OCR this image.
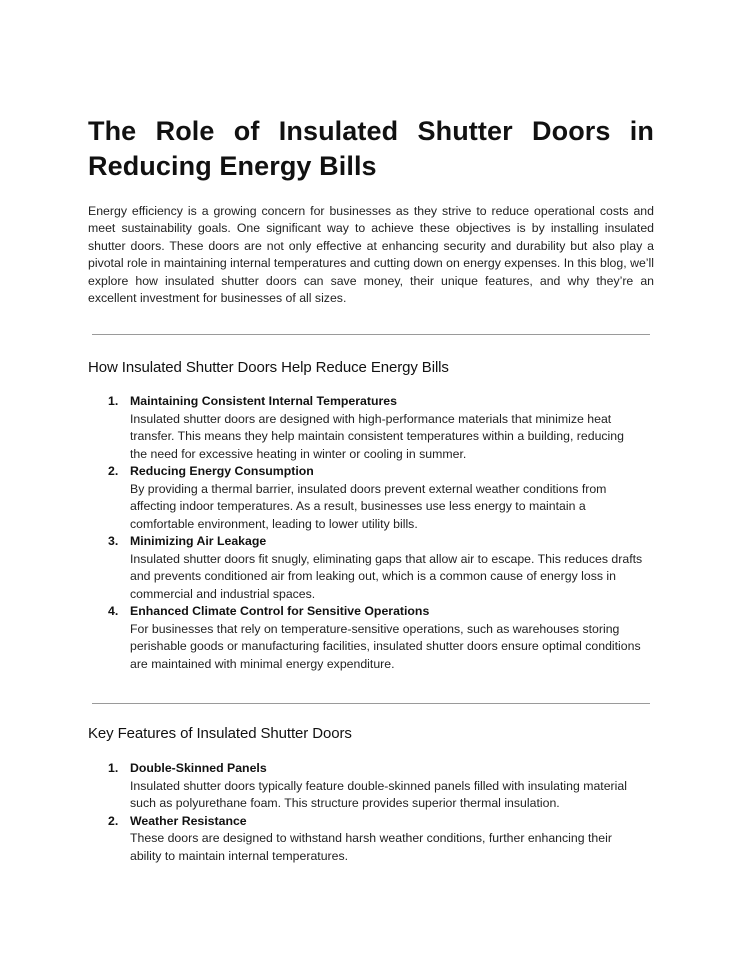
The Role of Insulated Shutter Doors in Reducing Energy Bills

Energy efficiency is a growing concern for businesses as they strive to reduce operational costs and meet sustainability goals. One significant way to achieve these objectives is by installing insulated shutter doors. These doors are not only effective at enhancing security and durability but also play a pivotal role in maintaining internal temperatures and cutting down on energy expenses. In this blog, we’ll explore how insulated shutter doors can save money, their unique features, and why they’re an excellent investment for businesses of all sizes.

How Insulated Shutter Doors Help Reduce Energy Bills
1. Maintaining Consistent Internal Temperatures
Insulated shutter doors are designed with high-performance materials that minimize heat transfer. This means they help maintain consistent temperatures within a building, reducing the need for excessive heating in winter or cooling in summer.
2. Reducing Energy Consumption
By providing a thermal barrier, insulated doors prevent external weather conditions from affecting indoor temperatures. As a result, businesses use less energy to maintain a comfortable environment, leading to lower utility bills.
3. Minimizing Air Leakage
Insulated shutter doors fit snugly, eliminating gaps that allow air to escape. This reduces drafts and prevents conditioned air from leaking out, which is a common cause of energy loss in commercial and industrial spaces.
4. Enhanced Climate Control for Sensitive Operations
For businesses that rely on temperature-sensitive operations, such as warehouses storing perishable goods or manufacturing facilities, insulated shutter doors ensure optimal conditions are maintained with minimal energy expenditure.
Key Features of Insulated Shutter Doors
1. Double-Skinned Panels
Insulated shutter doors typically feature double-skinned panels filled with insulating material such as polyurethane foam. This structure provides superior thermal insulation.
2. Weather Resistance
These doors are designed to withstand harsh weather conditions, further enhancing their ability to maintain internal temperatures.
